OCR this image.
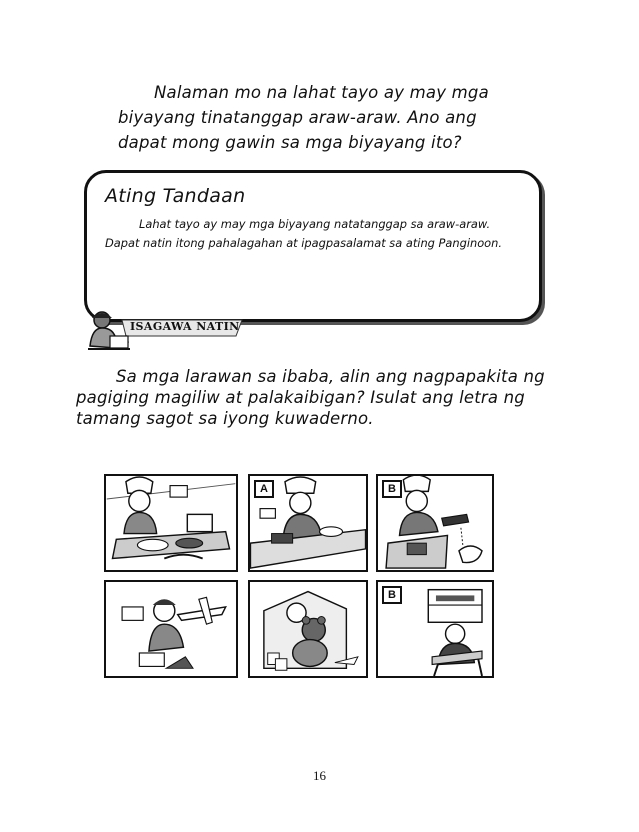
Nalaman mo na lahat tayo ay may mga biyayang tinatanggap araw-araw. Ano ang dapat mong gawin sa mga biyayang ito?
Ating Tandaan
Lahat tayo ay may mga biyayang natatanggap sa araw-araw. Dapat natin itong pahalagahan at ipagpasalamat sa ating Panginoon.
ISAGAWA NATIN
Sa mga larawan sa ibaba, alin ang nagpapakita ng pagiging magiliw at palakaibigan? Isulat ang letra ng tamang sagot sa iyong kuwaderno.
A	B
B
16
